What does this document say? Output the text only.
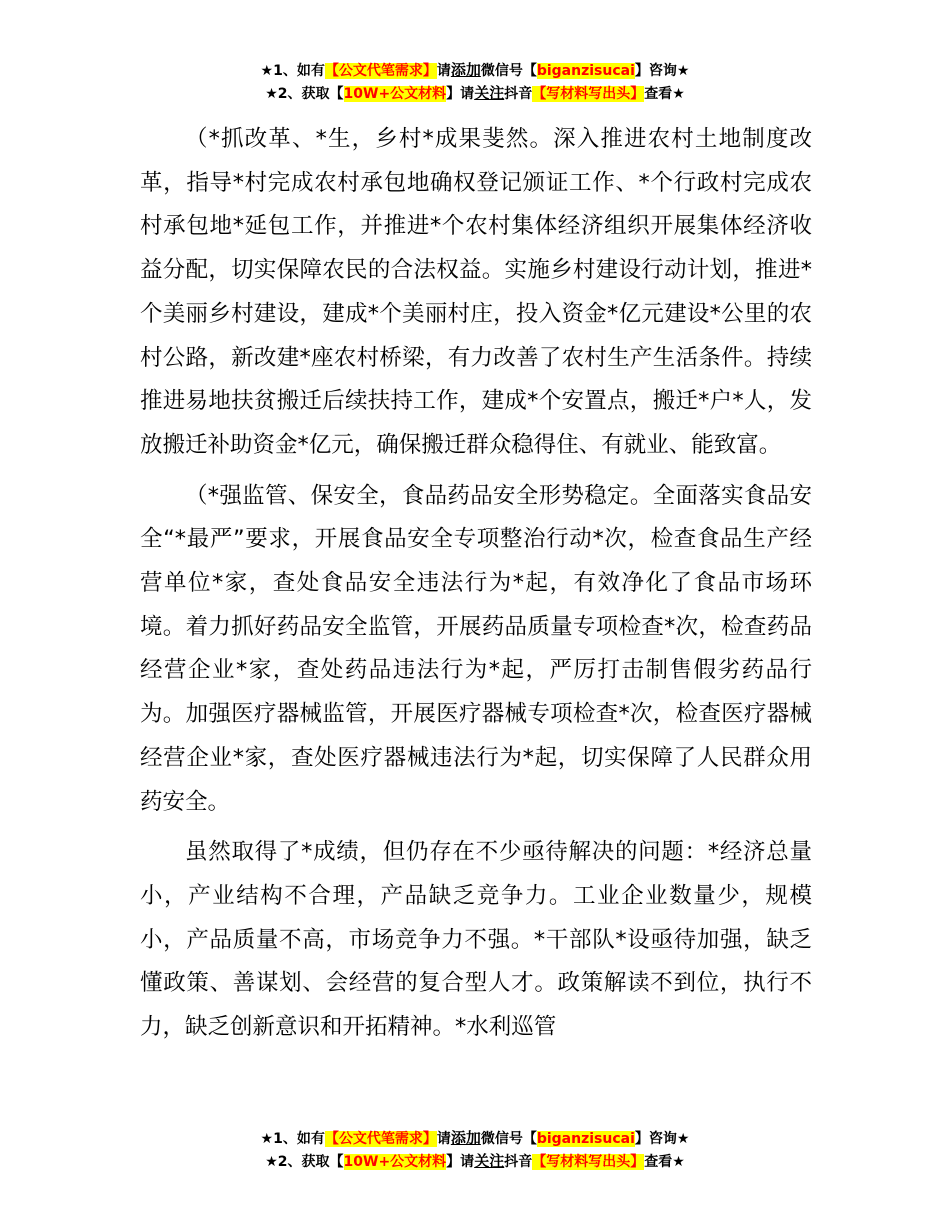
★1、如有【公文代笔需求】请添加微信号【biganzisucai】咨询★
★2、获取【10W+公文材料】请关注抖音【写材料写出头】查看★

（*抓改革、*生，乡村*成果斐然。深入推进农村土地制度改革，指导*村完成农村承包地确权登记颁证工作、*个行政村完成农村承包地*延包工作，并推进*个农村集体经济组织开展集体经济收益分配，切实保障农民的合法权益。实施乡村建设行动计划，推进*个美丽乡村建设，建成*个美丽村庄，投入资金*亿元建设*公里的农村公路，新改建*座农村桥梁，有力改善了农村生产生活条件。持续推进易地扶贫搬迁后续扶持工作，建成*个安置点，搬迁*户*人，发放搬迁补助资金*亿元，确保搬迁群众稳得住、有就业、能致富。

（*强监管、保安全，食品药品安全形势稳定。全面落实食品安全“*最严”要求，开展食品安全专项整治行动*次，检查食品生产经营单位*家，查处食品安全违法行为*起，有效净化了食品市场环境。着力抓好药品安全监管，开展药品质量专项检查*次，检查药品经营企业*家，查处药品违法行为*起，严厉打击制售假劣药品行为。加强医疗器械监管，开展医疗器械专项检查*次，检查医疗器械经营企业*家，查处医疗器械违法行为*起，切实保障了人民群众用药安全。

虽然取得了*成绩，但仍存在不少亟待解决的问题：*经济总量小，产业结构不合理，产品缺乏竞争力。工业企业数量少，规模小，产品质量不高，市场竞争力不强。*干部队*设亟待加强，缺乏懂政策、善谋划、会经营的复合型人才。政策解读不到位，执行不力，缺乏创新意识和开拓精神。*水利巡管

★1、如有【公文代笔需求】请添加微信号【biganzisucai】咨询★
★2、获取【10W+公文材料】请关注抖音【写材料写出头】查看★
